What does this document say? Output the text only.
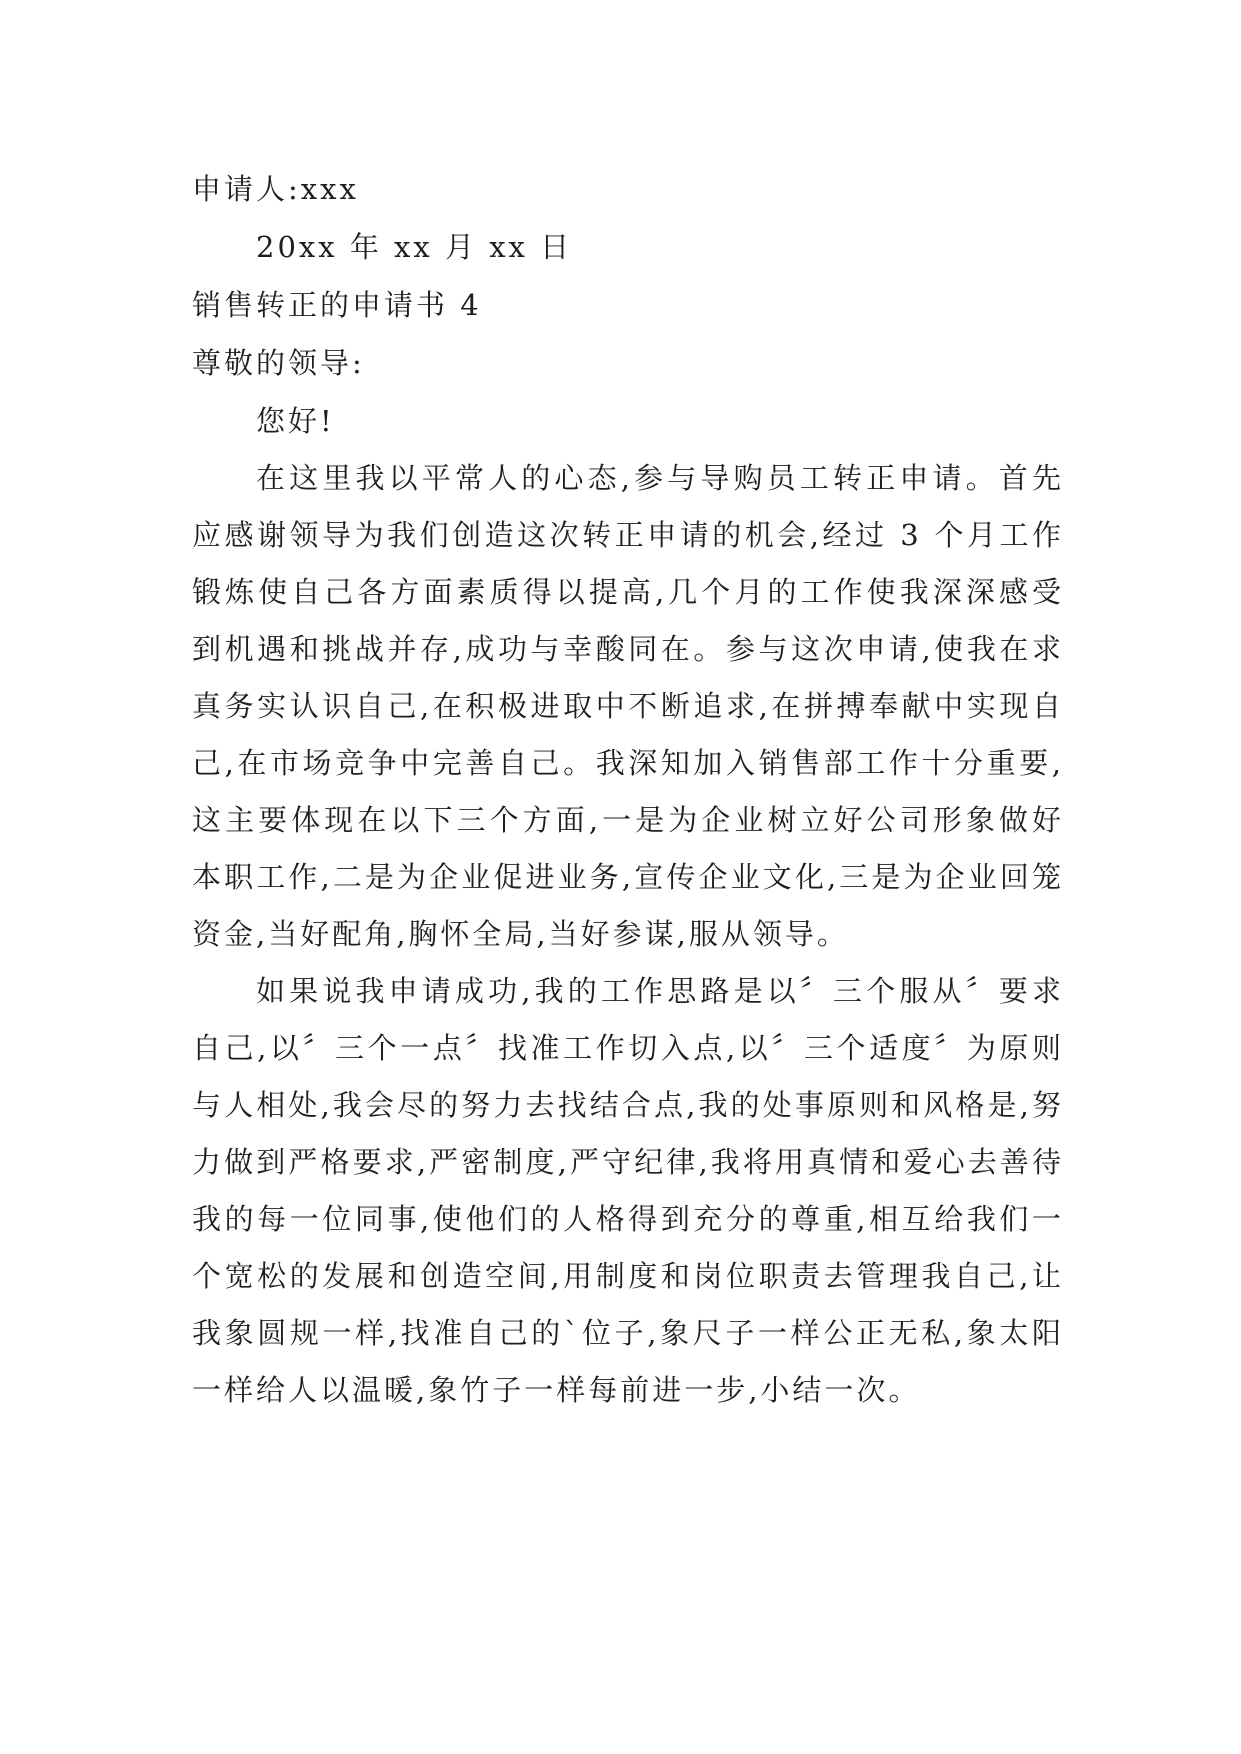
申请人:xxx
20xx 年 xx 月 xx 日
销售转正的申请书 4
尊敬的领导:
您好!

在这里我以平常人的心态,参与导购员工转正申请。首先应感谢领导为我们创造这次转正申请的机会,经过 3 个月工作锻炼使自己各方面素质得以提高,几个月的工作使我深深感受到机遇和挑战并存,成功与幸酸同在。参与这次申请,使我在求真务实认识自己,在积极进取中不断追求,在拼搏奉献中实现自己,在市场竞争中完善自己。我深知加入销售部工作十分重要,这主要体现在以下三个方面,一是为企业树立好公司形象做好本职工作,二是为企业促进业务,宣传企业文化,三是为企业回笼资金,当好配角,胸怀全局,当好参谋,服从领导。

如果说我申请成功,我的工作思路是以〞三个服从〞要求自己,以〞三个一点〞找准工作切入点,以〞三个适度〞为原则与人相处,我会尽的努力去找结合点,我的处事原则和风格是,努力做到严格要求,严密制度,严守纪律,我将用真情和爱心去善待我的每一位同事,使他们的人格得到充分的尊重,相互给我们一个宽松的发展和创造空间,用制度和岗位职责去管理我自己,让我象圆规一样,找准自己的`位子,象尺子一样公正无私,象太阳一样给人以温暖,象竹子一样每前进一步,小结一次。
